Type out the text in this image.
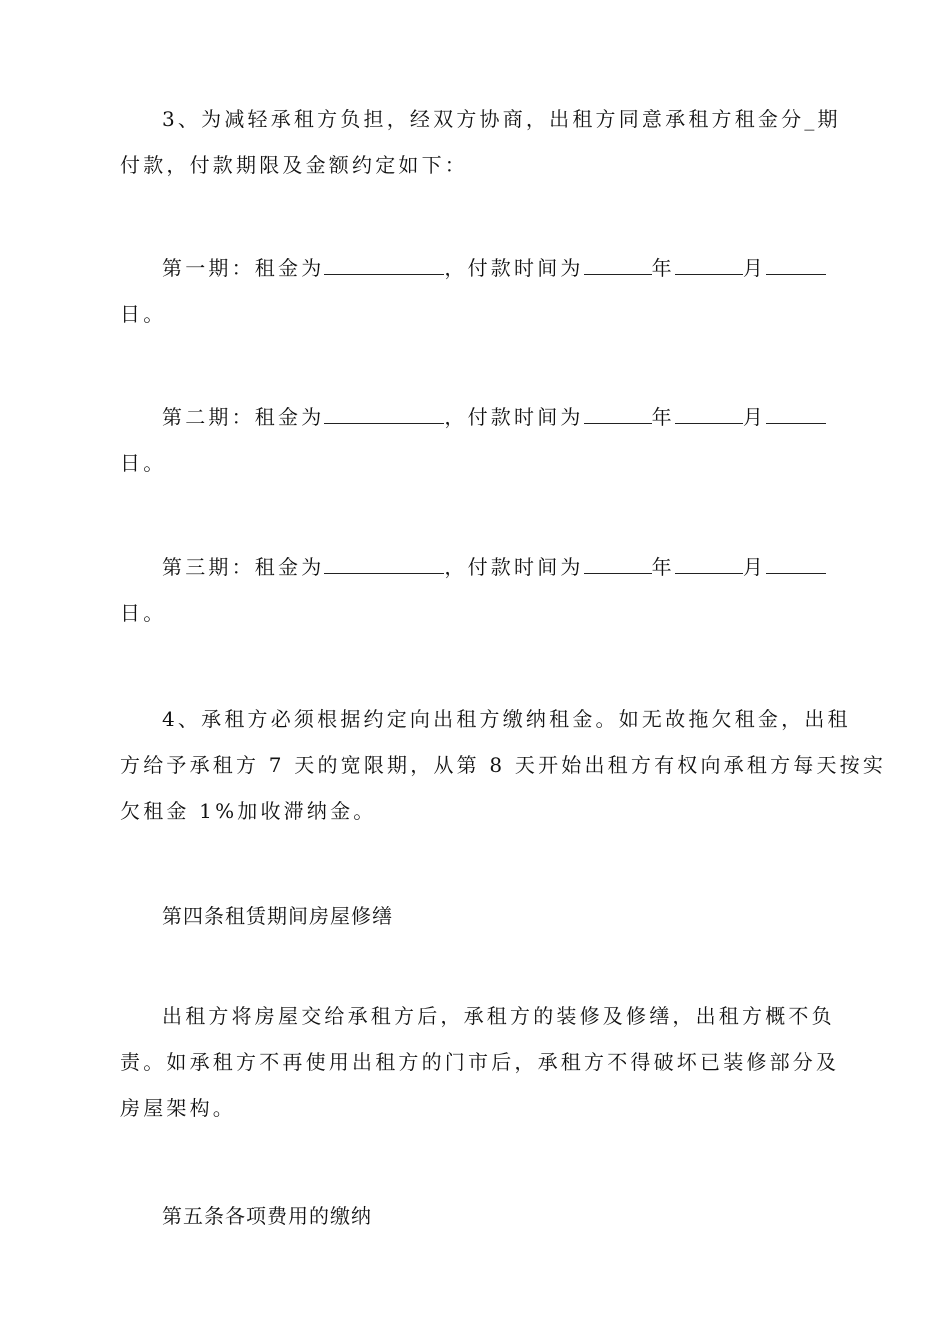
3、为减轻承租方负担，经双方协商，出租方同意承租方租金分_期
付款，付款期限及金额约定如下：
第一期：租金为	，付款时间为	年	月
日。
第二期：租金为	，付款时间为	年	月
日。
第三期：租金为	，付款时间为	年	月
日。
4、承租方必须根据约定向出租方缴纳租金。如无故拖欠租金，出租
方给予承租方 7 天的宽限期，从第 8 天开始出租方有权向承租方每天按实
欠租金 1%加收滞纳金。
第四条租赁期间房屋修缮
出租方将房屋交给承租方后，承租方的装修及修缮，出租方概不负
责。如承租方不再使用出租方的门市后，承租方不得破坏已装修部分及
房屋架构。
第五条各项费用的缴纳
